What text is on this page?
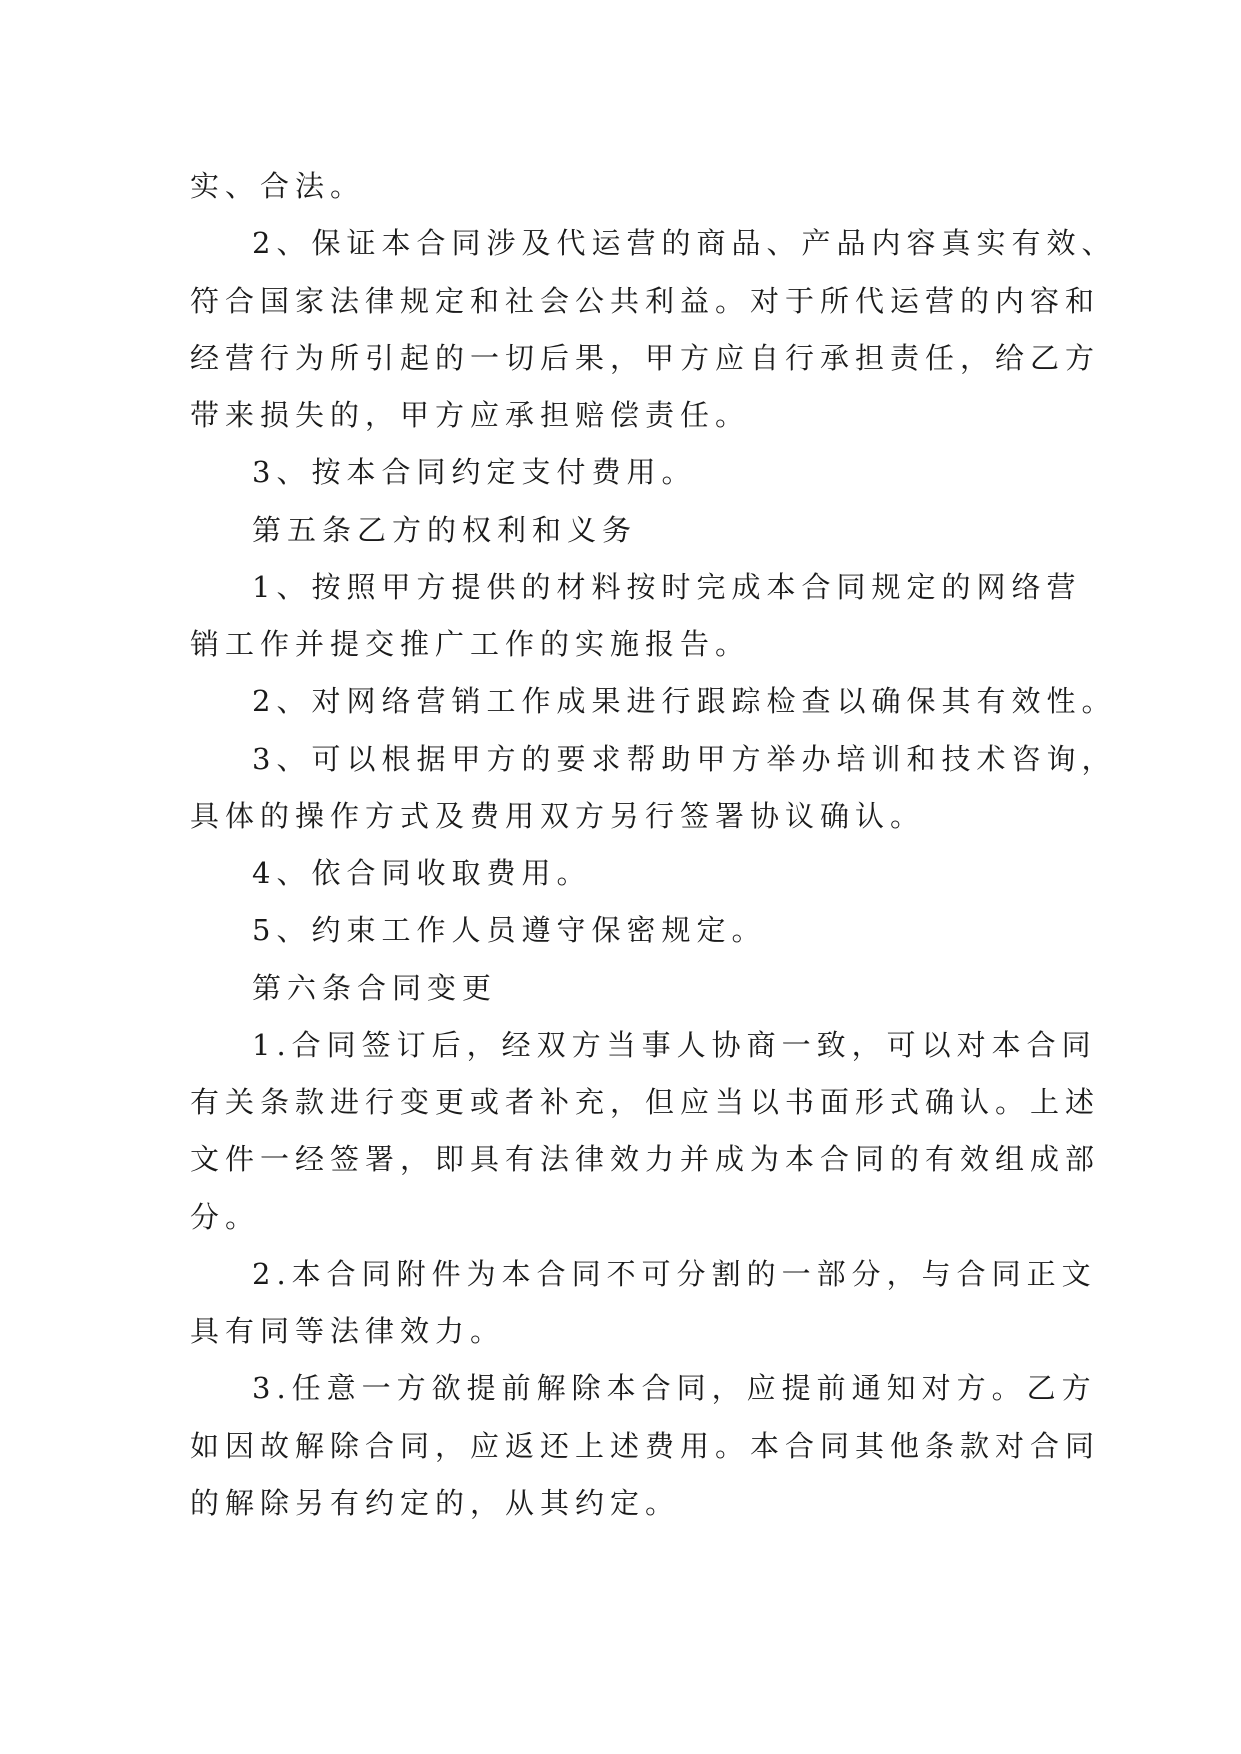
实、合法。
2、保证本合同涉及代运营的商品、产品内容真实有效、
符合国家法律规定和社会公共利益。对于所代运营的内容和
经营行为所引起的一切后果，甲方应自行承担责任，给乙方
带来损失的，甲方应承担赔偿责任。
3、按本合同约定支付费用。
第五条乙方的权利和义务
1、按照甲方提供的材料按时完成本合同规定的网络营
销工作并提交推广工作的实施报告。
2、对网络营销工作成果进行跟踪检查以确保其有效性。
3、可以根据甲方的要求帮助甲方举办培训和技术咨询，
具体的操作方式及费用双方另行签署协议确认。
4、依合同收取费用。
5、约束工作人员遵守保密规定。
第六条合同变更
1.合同签订后，经双方当事人协商一致，可以对本合同
有关条款进行变更或者补充，但应当以书面形式确认。上述
文件一经签署，即具有法律效力并成为本合同的有效组成部
分。
2.本合同附件为本合同不可分割的一部分，与合同正文
具有同等法律效力。
3.任意一方欲提前解除本合同，应提前通知对方。乙方
如因故解除合同，应返还上述费用。本合同其他条款对合同
的解除另有约定的，从其约定。
